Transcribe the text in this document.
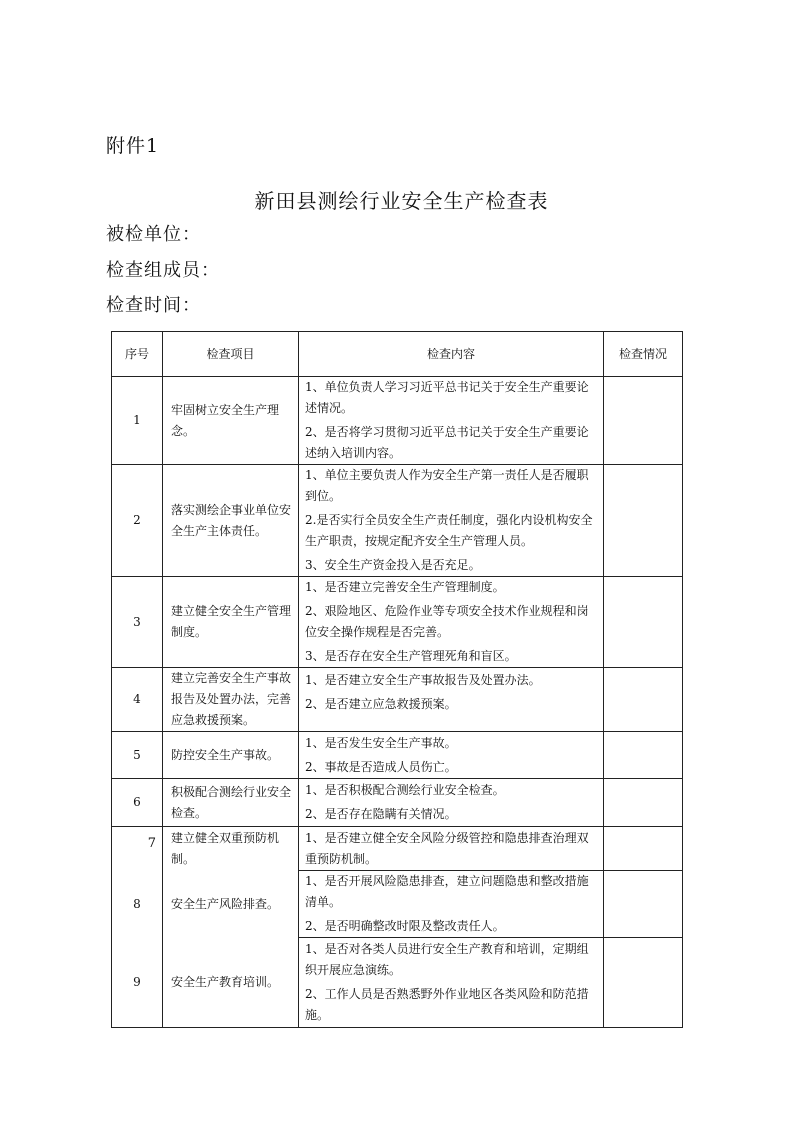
附件1
新田县测绘行业安全生产检查表
被检单位：
检查组成员：
检查时间：
序号	检查项目	检查内容	检查情况
1	牢固树立安全生产理念。	1、单位负责人学习习近平总书记关于安全生产重要论述情况。

2、是否将学习贯彻习近平总书记关于安全生产重要论述纳入培训内容。	

2	落实测绘企事业单位安全生产主体责任。	1、单位主要负责人作为安全生产第一责任人是否履职到位。

2.是否实行全员安全生产责任制度，强化内设机构安全生产职责，按规定配齐安全生产管理人员。

3、安全生产资金投入是否充足。	

3	建立健全安全生产管理制度。	1、是否建立完善安全生产管理制度。

2、艰险地区、危险作业等专项安全技术作业规程和岗位安全操作规程是否完善。

3、是否存在安全生产管理死角和盲区。	

4	建立完善安全生产事故报告及处置办法，完善应急救援预案。	1、是否建立安全生产事故报告及处置办法。

2、是否建立应急救援预案。	

5	防控安全生产事故。	1、是否发生安全生产事故。

2、事故是否造成人员伤亡。	

6	积极配合测绘行业安全检查。	1、是否积极配合测绘行业安全检查。

2、是否存在隐瞒有关情况。	

7	建立健全双重预防机制。	1、是否建立健全安全风险分级管控和隐患排查治理双重预防机制。	

8	安全生产风险排查。	1、是否开展风险隐患排查，建立问题隐患和整改措施清单。

2、是否明确整改时限及整改责任人。	

9	安全生产教育培训。	1、是否对各类人员进行安全生产教育和培训，定期组织开展应急演练。

2、工作人员是否熟悉野外作业地区各类风险和防范措施。	
